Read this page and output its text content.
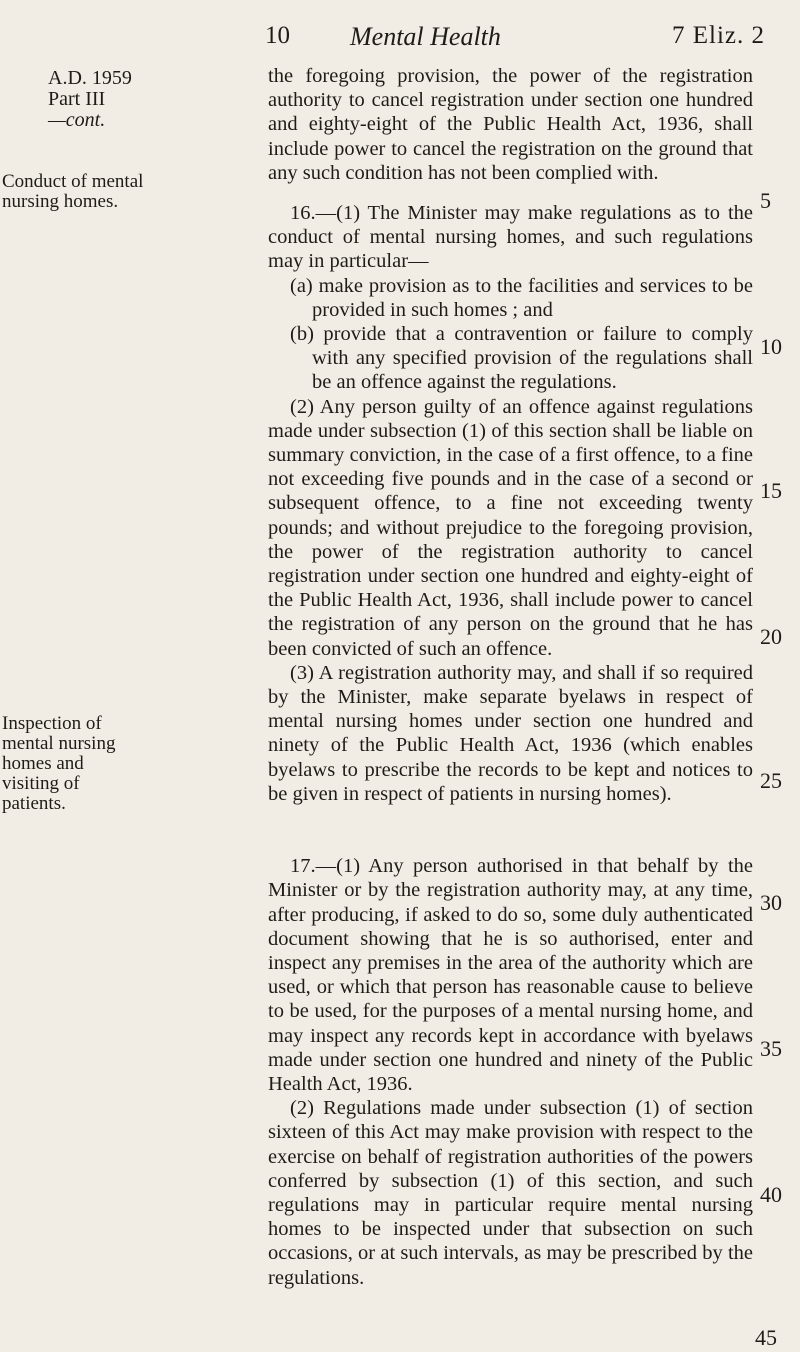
10 Mental Health	7 Eliz. 2
A.D. 1959
Part III
—cont.
Conduct of mental nursing homes.
Inspection of mental nursing homes and visiting of patients.

the foregoing provision, the power of the registration authority to cancel registration under section one hundred and eighty-eight of the Public Health Act, 1936, shall include power to cancel the registration on the ground that any such condition has not been complied with.

16.—(1) The Minister may make regulations as to the conduct of mental nursing homes, and such regulations may in particular—

(a) make provision as to the facilities and services to be provided in such homes ; and

(b) provide that a contravention or failure to comply with any specified provision of the regulations shall be an offence against the regulations.

(2) Any person guilty of an offence against regulations made under subsection (1) of this section shall be liable on summary conviction, in the case of a first offence, to a fine not exceeding five pounds and in the case of a second or subsequent offence, to a fine not exceeding twenty pounds; and without prejudice to the foregoing provision, the power of the registration authority to cancel registration under section one hundred and eighty-eight of the Public Health Act, 1936, shall include power to cancel the registration of any person on the ground that he has been convicted of such an offence.

(3) A registration authority may, and shall if so required by the Minister, make separate byelaws in respect of mental nursing homes under section one hundred and ninety of the Public Health Act, 1936 (which enables byelaws to prescribe the records to be kept and notices to be given in respect of patients in nursing homes).

17.—(1) Any person authorised in that behalf by the Minister or by the registration authority may, at any time, after producing, if asked to do so, some duly authenticated document showing that he is so authorised, enter and inspect any premises in the area of the authority which are used, or which that person has reasonable cause to believe to be used, for the purposes of a mental nursing home, and may inspect any records kept in accordance with byelaws made under section one hundred and ninety of the Public Health Act, 1936.

(2) Regulations made under subsection (1) of section sixteen of this Act may make provision with respect to the exercise on behalf of registration authorities of the powers conferred by subsection (1) of this section, and such regulations may in particular require mental nursing homes to be inspected under that subsection on such occasions, or at such intervals, as may be prescribed by the regulations.

5
10
15
20
25
30
35
40
45
